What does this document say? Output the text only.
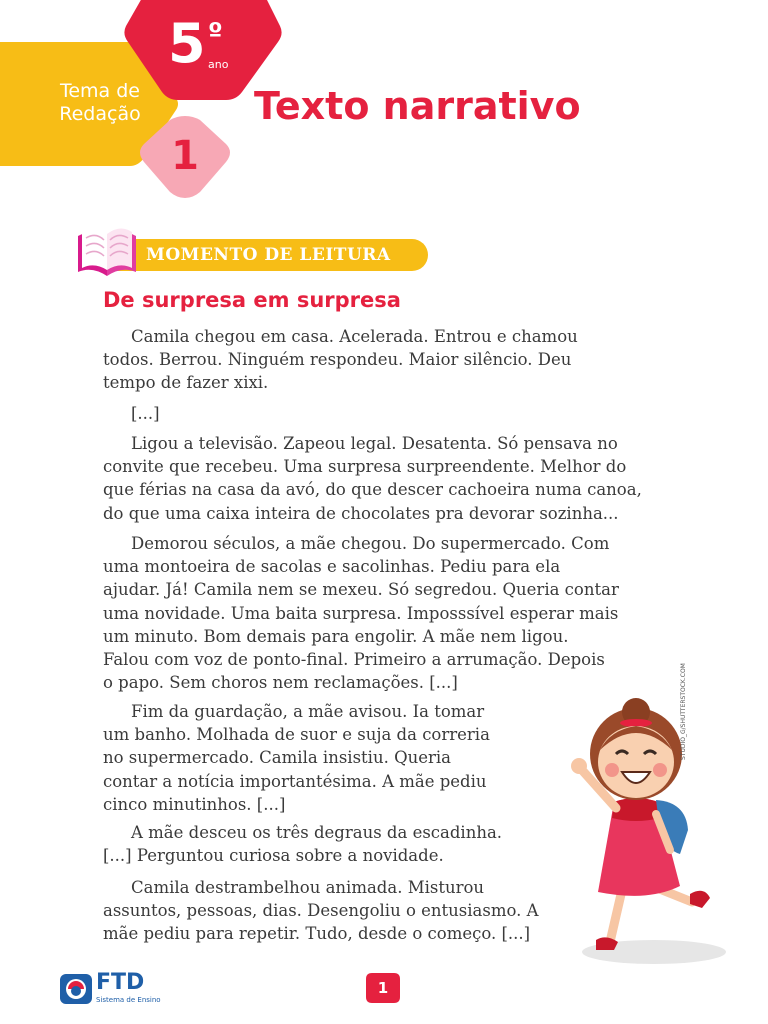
Tema de
Redação
5 º
ano
1
Texto narrativo
MOMENTO DE LEITURA
De surpresa em surpresa
Camila chegou em casa. Acelerada. Entrou e chamou
todos. Berrou. Ninguém respondeu. Maior silêncio. Deu
tempo de fazer xixi.
[...]
Ligou a televisão. Zapeou legal. Desatenta. Só pensava no
convite que recebeu. Uma surpresa surpreendente. Melhor do
que férias na casa da avó, do que descer cachoeira numa canoa,
do que uma caixa inteira de chocolates pra devorar sozinha...
Demorou séculos, a mãe chegou. Do supermercado. Com
uma montoeira de sacolas e sacolinhas. Pediu para ela
ajudar. Já! Camila nem se mexeu. Só segredou. Queria contar
uma novidade. Uma baita surpresa. Imposssível esperar mais
um minuto. Bom demais para engolir. A mãe nem ligou.
Falou com voz de ponto-final. Primeiro a arrumação. Depois
o papo. Sem choros nem reclamações. [...]
Fim da guardação, a mãe avisou. Ia tomar
um banho. Molhada de suor e suja da correria
no supermercado. Camila insistiu. Queria
contar a notícia importantésima. A mãe pediu
cinco minutinhos. [...]
A mãe desceu os três degraus da escadinha.
[...] Perguntou curiosa sobre a novidade.
Camila destrambelhou animada. Misturou
assuntos, pessoas, dias. Desengoliu o entusiasmo. A
mãe pediu para repetir. Tudo, desde o começo. [...]
STUDIO_G/SHUTTERSTOCK.COM
FTD
Sistema de Ensino
1
